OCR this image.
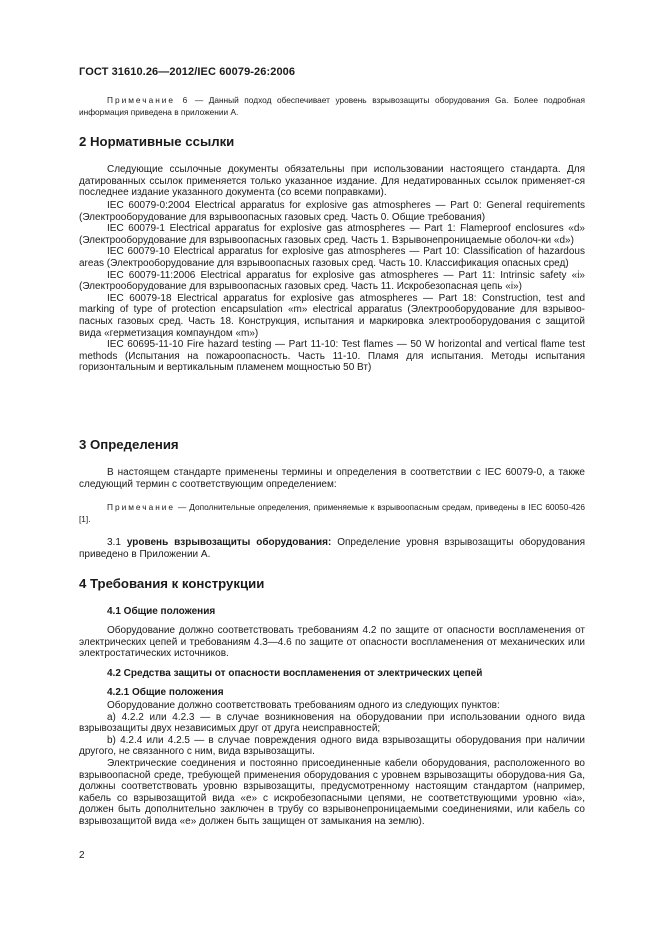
ГОСТ 31610.26—2012/IEC 60079-26:2006
Примечание 6 — Данный подход обеспечивает уровень взрывозащиты оборудования Ga. Более подробная информация приведена в приложении А.
2 Нормативные ссылки
Следующие ссылочные документы обязательны при использовании настоящего стандарта. Для датированных ссылок применяется только указанное издание. Для недатированных ссылок применяет-ся последнее издание указанного документа (со всеми поправками).
IEC 60079-0:2004 Electrical apparatus for explosive gas atmospheres — Part 0: General requirements (Электрооборудование для взрывоопасных газовых сред. Часть 0. Общие требования)
IEC 60079-1 Electrical apparatus for explosive gas atmospheres — Part 1: Flameproof enclosures «d» (Электрооборудование для взрывоопасных газовых сред. Часть 1. Взрывонепроницаемые оболоч-ки «d»)
IEC 60079-10 Electrical apparatus for explosive gas atmospheres — Part 10: Classification of hazardous areas (Электрооборудование для взрывоопасных газовых сред. Часть 10. Классификация опасных сред)
IEC 60079-11:2006 Electrical apparatus for explosive gas atmospheres — Part 11: Intrinsic safety «i» (Электрооборудование для взрывоопасных газовых сред. Часть 11. Искробезопасная цепь «i»)
IEC 60079-18 Electrical apparatus for explosive gas atmospheres — Part 18: Construction, test and marking of type of protection encapsulation «m» electrical apparatus (Электрооборудование для взрывоо-пасных газовых сред. Часть 18. Конструкция, испытания и маркировка электрооборудования с защитой вида «герметизация компаундом «m»)
IEC 60695-11-10 Fire hazard testing — Part 11-10: Test flames — 50 W horizontal and vertical flame test methods (Испытания на пожароопасность. Часть 11-10. Пламя для испытания. Методы испытания горизонтальным и вертикальным пламенем мощностью 50 Вт)
3 Определения
В настоящем стандарте применены термины и определения в соответствии с IEC 60079-0, а также следующий термин с соответствующим определением:
Примечание — Дополнительные определения, применяемые к взрывоопасным средам, приведены в IEC 60050-426 [1].
3.1 уровень взрывозащиты оборудования: Определение уровня взрывозащиты оборудования приведено в Приложении А.
4 Требования к конструкции
4.1 Общие положения
Оборудование должно соответствовать требованиям 4.2 по защите от опасности воспламенения от электрических цепей и требованиям 4.3—4.6 по защите от опасности воспламенения от механических или электростатических источников.
4.2 Средства защиты от опасности воспламенения от электрических цепей
4.2.1 Общие положения
Оборудование должно соответствовать требованиям одного из следующих пунктов:
a) 4.2.2 или 4.2.3 — в случае возникновения на оборудовании при использовании одного вида взрывозащиты двух независимых друг от друга неисправностей;
b) 4.2.4 или 4.2.5 — в случае повреждения одного вида взрывозащиты оборудования при наличии другого, не связанного с ним, вида взрывозащиты.
Электрические соединения и постоянно присоединенные кабели оборудования, расположенного во взрывоопасной среде, требующей применения оборудования с уровнем взрывозащиты оборудова-ния Ga, должны соответствовать уровню взрывозащиты, предусмотренному настоящим стандартом (например, кабель со взрывозащитой вида «е» с искробезопасными цепями, не соответствующими уровню «ia», должен быть дополнительно заключен в трубу со взрывонепроницаемыми соединениями, или кабель со взрывозащитой вида «е» должен быть защищен от замыкания на землю).
2
